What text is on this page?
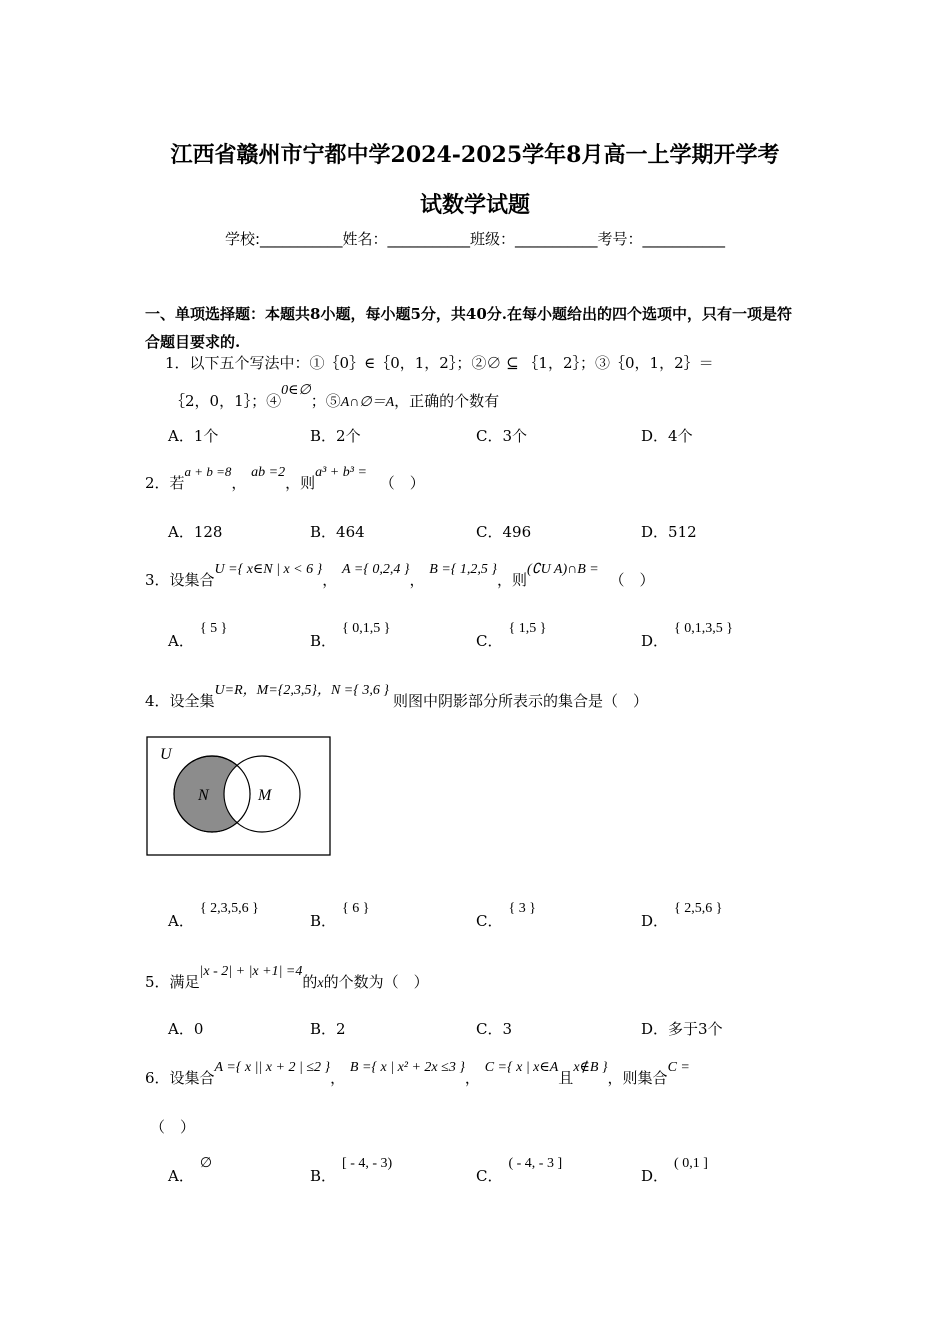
江西省赣州市宁都中学2024-2025学年8月高一上学期开学考
试数学试题
学校:___________姓名：___________班级：___________考号：___________
一、单项选择题：本题共8小题，每小题5分，共40分.在每小题给出的四个选项中，只有一项是符合题目要求的.
1．以下五个写法中：①｛0｝∈｛0，1，2｝；②∅ ⊆ ｛1，2｝；③｛0，1，2｝＝
｛2，0，1｝；④0∈∅；⑤A∩∅＝A，正确的个数有
A．1个	B．2个	C．3个	D．4个
2．若a + b =8， ab =2，则a³ + b³ = （　）
A．128	B．464	C．496	D．512
3．设集合U ={ x∈N | x < 6 }， A ={ 0,2,4 }， B ={ 1,2,5 }，则(∁U A)∩B = （　）
A．{ 5 }
B．{ 0,1,5 }
C．{ 1,5 }
D．{ 0,1,3,5 }
4．设全集U=R，M={2,3,5}，N ={ 3,6 }则图中阴影部分所表示的集合是（　）
U
N	M
A．{ 2,3,5,6 }
B．{ 6 }
C．{ 3 }
D．{ 2,5,6 }
5．满足|x - 2| + |x +1| =4的x的个数为（　）
A．0	B．2	C．3	D．多于3个
6．设集合A ={ x || x + 2 | ≤2 }， B ={ x | x² + 2x ≤3 }， C ={ x | x∈A且x∉B }，则集合C =
（　）
A．∅
B．[ - 4, - 3)
C．( - 4, - 3 ]
D．( 0,1 ]
